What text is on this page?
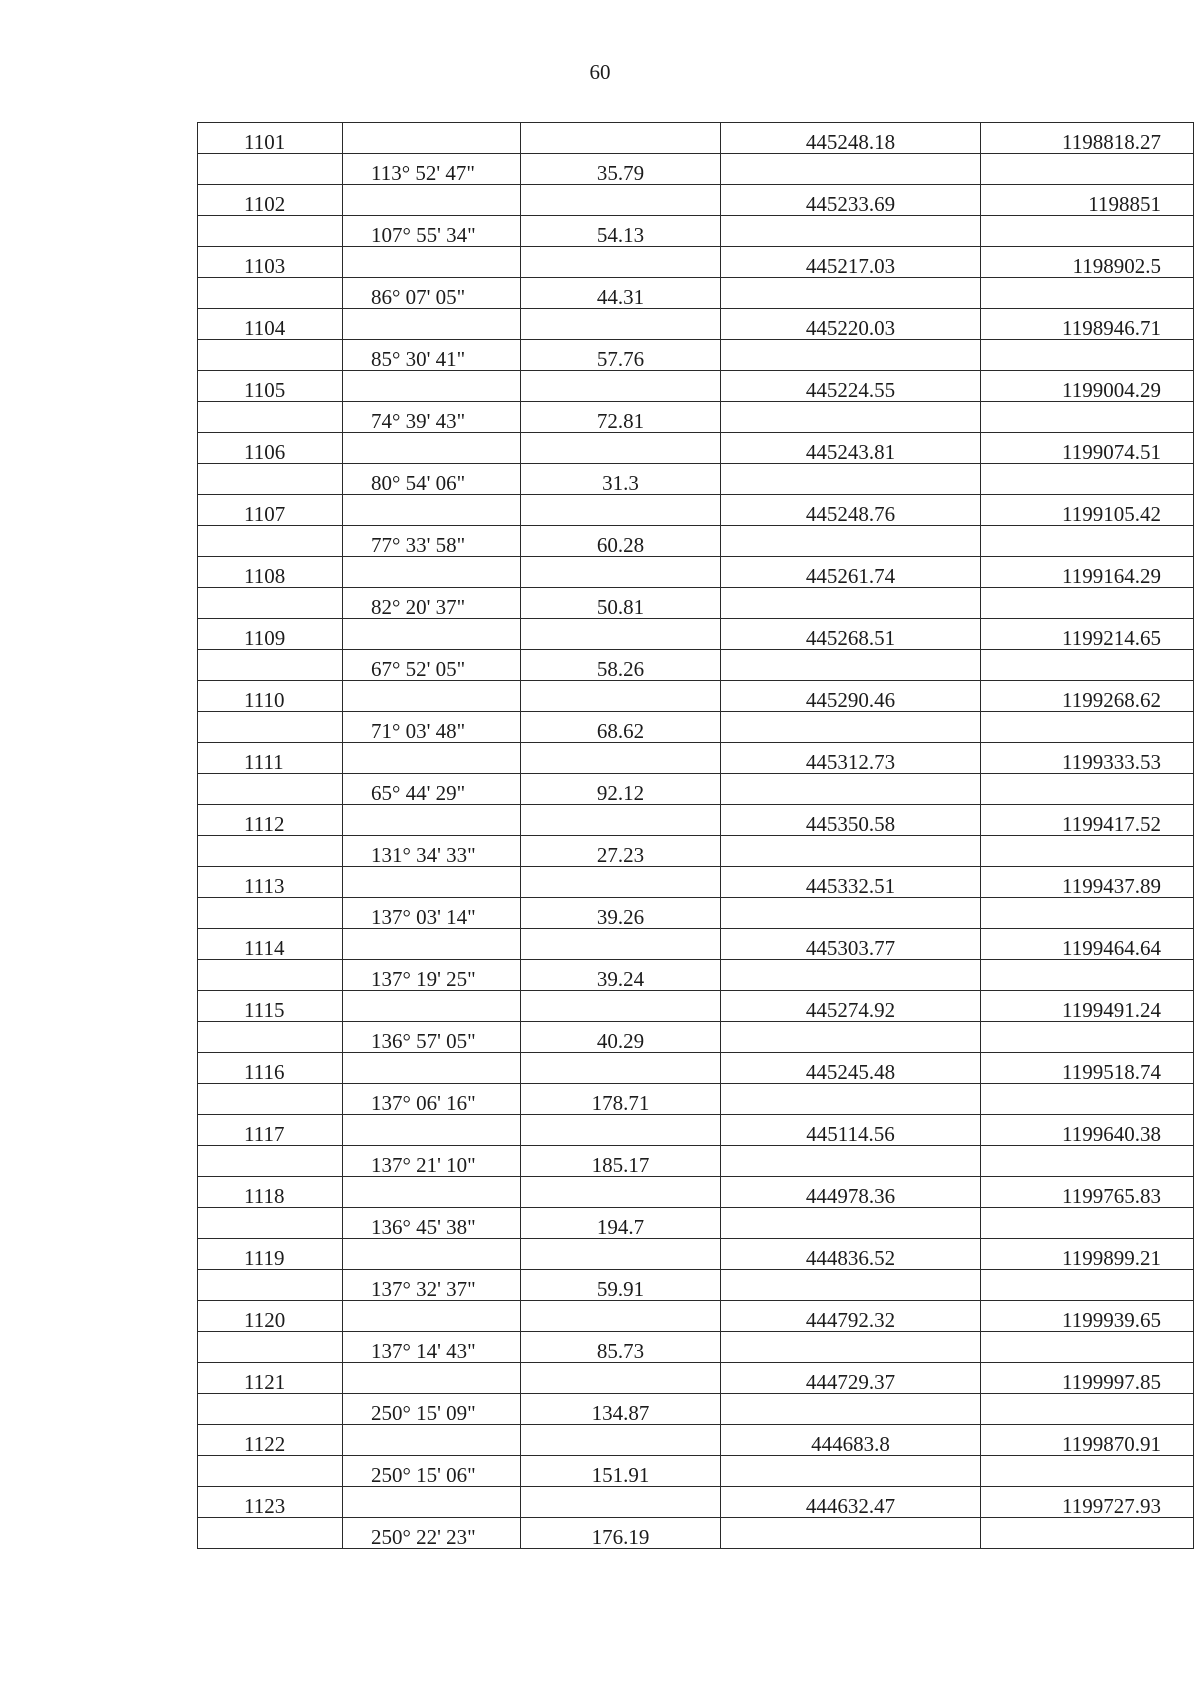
60
1101			445248.18	1198818.27
	113° 52' 47"	35.79		
1102			445233.69	1198851
	107° 55' 34"	54.13		
1103			445217.03	1198902.5
	86° 07' 05"	44.31		
1104			445220.03	1198946.71
	85° 30' 41"	57.76		
1105			445224.55	1199004.29
	74° 39' 43"	72.81		
1106			445243.81	1199074.51
	80° 54' 06"	31.3		
1107			445248.76	1199105.42
	77° 33' 58"	60.28		
1108			445261.74	1199164.29
	82° 20' 37"	50.81		
1109			445268.51	1199214.65
	67° 52' 05"	58.26		
1110			445290.46	1199268.62
	71° 03' 48"	68.62		
1111			445312.73	1199333.53
	65° 44' 29"	92.12		
1112			445350.58	1199417.52
	131° 34' 33"	27.23		
1113			445332.51	1199437.89
	137° 03' 14"	39.26		
1114			445303.77	1199464.64
	137° 19' 25"	39.24		
1115			445274.92	1199491.24
	136° 57' 05"	40.29		
1116			445245.48	1199518.74
	137° 06' 16"	178.71		
1117			445114.56	1199640.38
	137° 21' 10"	185.17		
1118			444978.36	1199765.83
	136° 45' 38"	194.7		
1119			444836.52	1199899.21
	137° 32' 37"	59.91		
1120			444792.32	1199939.65
	137° 14' 43"	85.73		
1121			444729.37	1199997.85
	250° 15' 09"	134.87		
1122			444683.8	1199870.91
	250° 15' 06"	151.91		
1123			444632.47	1199727.93
	250° 22' 23"	176.19		
